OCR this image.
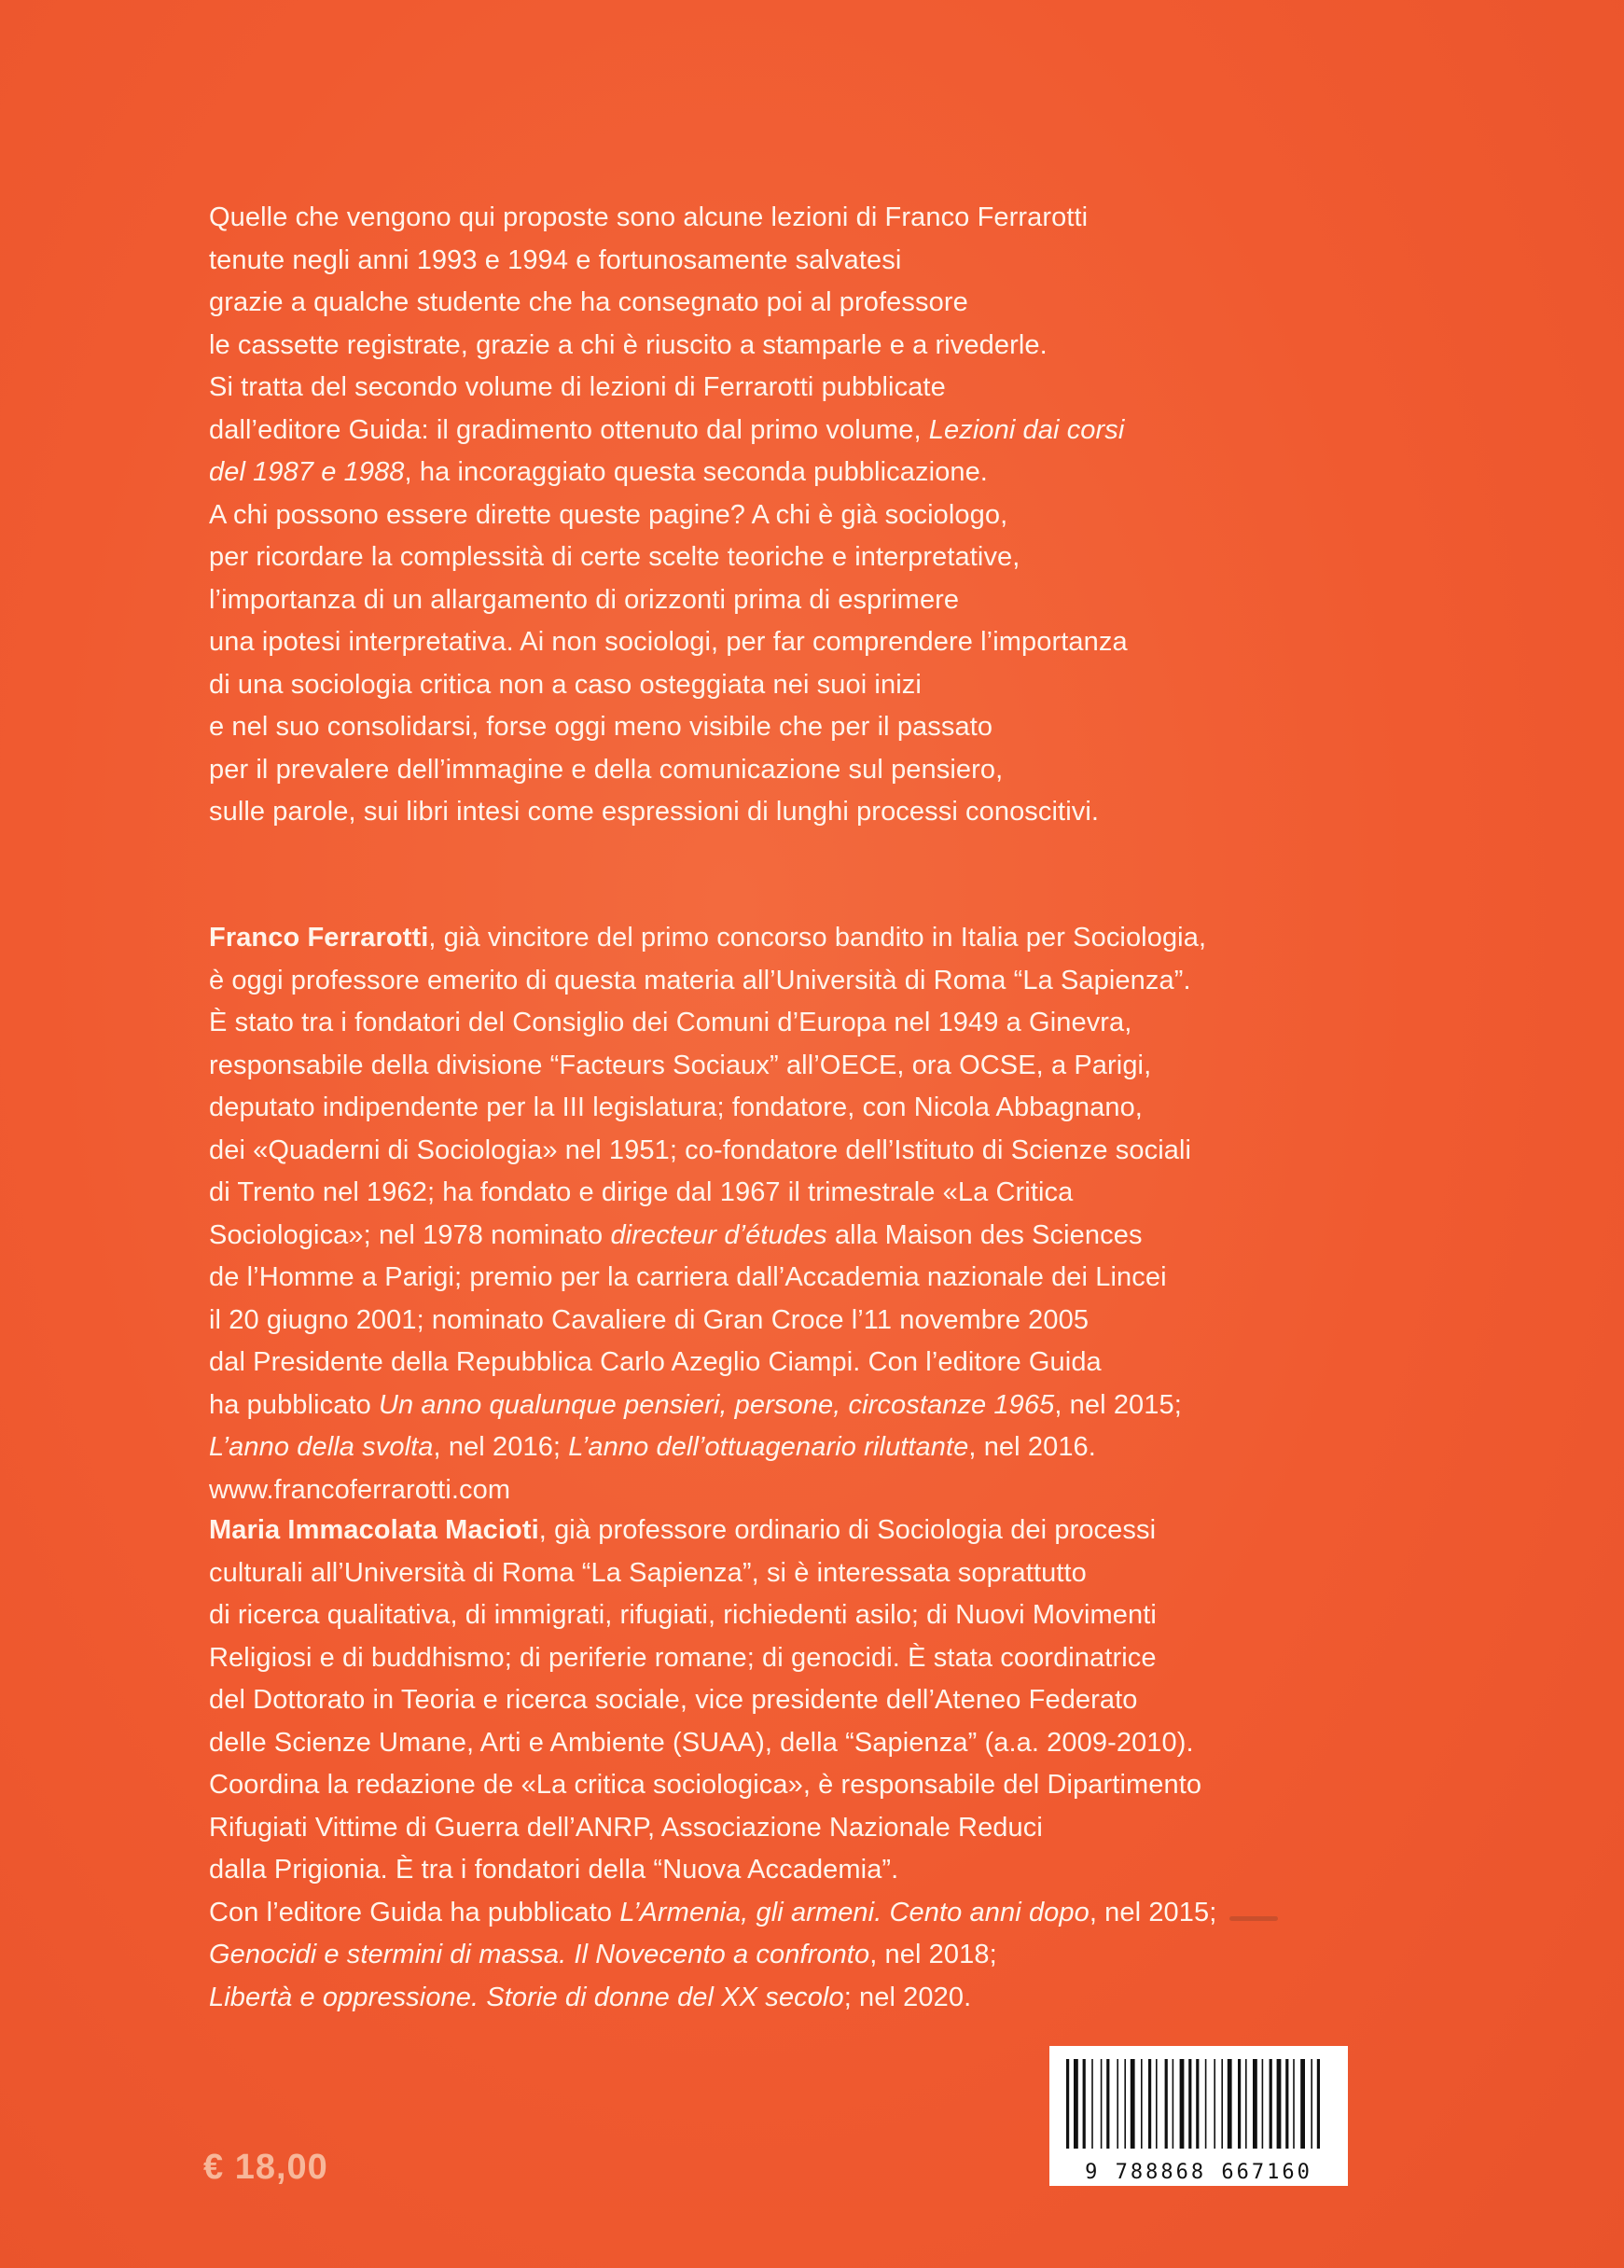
Quelle che vengono qui proposte sono alcune lezioni di Franco Ferrarotti
tenute negli anni 1993 e 1994 e fortunosamente salvatesi
grazie a qualche studente che ha consegnato poi al professore
le cassette registrate, grazie a chi è riuscito a stamparle e a rivederle.
Si tratta del secondo volume di lezioni di Ferrarotti pubblicate
dall’editore Guida: il gradimento ottenuto dal primo volume, Lezioni dai corsi
del 1987 e 1988, ha incoraggiato questa seconda pubblicazione.
A chi possono essere dirette queste pagine? A chi è già sociologo,
per ricordare la complessità di certe scelte teoriche e interpretative,
l’importanza di un allargamento di orizzonti prima di esprimere
una ipotesi interpretativa. Ai non sociologi, per far comprendere l’importanza
di una sociologia critica non a caso osteggiata nei suoi inizi
e nel suo consolidarsi, forse oggi meno visibile che per il passato
per il prevalere dell’immagine e della comunicazione sul pensiero,
sulle parole, sui libri intesi come espressioni di lunghi processi conoscitivi.
Franco Ferrarotti, già vincitore del primo concorso bandito in Italia per Sociologia,
è oggi professore emerito di questa materia all’Università di Roma “La Sapienza”.
È stato tra i fondatori del Consiglio dei Comuni d’Europa nel 1949 a Ginevra,
responsabile della divisione “Facteurs Sociaux” all’OECE, ora OCSE, a Parigi,
deputato indipendente per la III legislatura; fondatore, con Nicola Abbagnano,
dei «Quaderni di Sociologia» nel 1951; co-fondatore dell’Istituto di Scienze sociali
di Trento nel 1962; ha fondato e dirige dal 1967 il trimestrale «La Critica
Sociologica»; nel 1978 nominato directeur d’études alla Maison des Sciences
de l’Homme a Parigi; premio per la carriera dall’Accademia nazionale dei Lincei
il 20 giugno 2001; nominato Cavaliere di Gran Croce l’11 novembre 2005
dal Presidente della Repubblica Carlo Azeglio Ciampi. Con l’editore Guida
ha pubblicato Un anno qualunque pensieri, persone, circostanze 1965, nel 2015;
L’anno della svolta, nel 2016; L’anno dell’ottuagenario riluttante, nel 2016.
www.francoferrarotti.com
Maria Immacolata Macioti, già professore ordinario di Sociologia dei processi
culturali all’Università di Roma “La Sapienza”, si è interessata soprattutto
di ricerca qualitativa, di immigrati, rifugiati, richiedenti asilo; di Nuovi Movimenti
Religiosi e di buddhismo; di periferie romane; di genocidi. È stata coordinatrice
del Dottorato in Teoria e ricerca sociale, vice presidente dell’Ateneo Federato
delle Scienze Umane, Arti e Ambiente (SUAA), della “Sapienza” (a.a. 2009-2010).
Coordina la redazione de «La critica sociologica», è responsabile del Dipartimento
Rifugiati Vittime di Guerra dell’ANRP, Associazione Nazionale Reduci
dalla Prigionia. È tra i fondatori della “Nuova Accademia”.
Con l’editore Guida ha pubblicato L’Armenia, gli armeni. Cento anni dopo, nel 2015;
Genocidi e stermini di massa. Il Novecento a confronto, nel 2018;
Libertà e oppressione. Storie di donne del XX secolo; nel 2020.
€ 18,00	9 788868 667160
